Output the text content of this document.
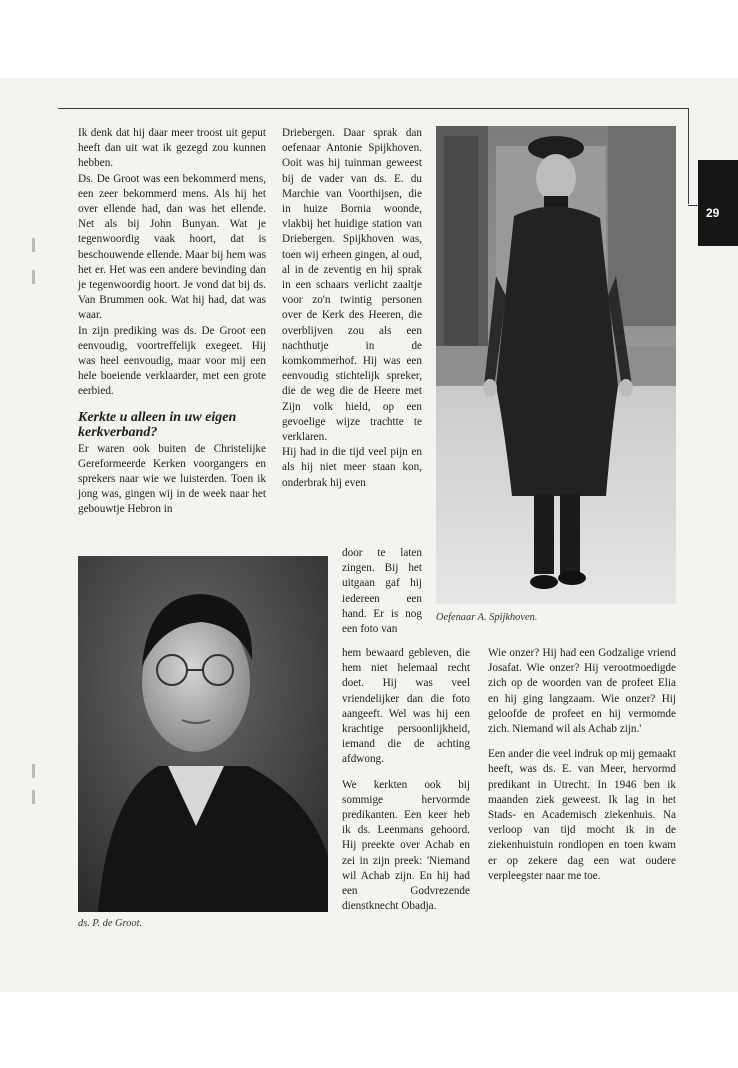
29

Ik denk dat hij daar meer troost uit geput heeft dan uit wat ik gezegd zou kunnen hebben.

Ds. De Groot was een bekommerd mens, een zeer bekommerd mens. Als hij het over ellende had, dan was het ellende. Net als bij John Bunyan. Wat je tegenwoordig vaak hoort, dat is beschouwende ellende. Maar bij hem was het er. Het was een andere bevinding dan je tegenwoordig hoort. Je vond dat bij ds. Van Brummen ook. Wat hij had, dat was waar.

In zijn prediking was ds. De Groot een eenvoudig, voortreffelijk exegeet. Hij was heel eenvoudig, maar voor mij een hele boeiende verklaarder, met een grote eerbied.

Kerkte u alleen in uw eigen
kerkverband?

Er waren ook buiten de Christelijke Gereformeerde Kerken voorgangers en sprekers naar wie we luisterden. Toen ik jong was, gingen wij in de week naar het gebouwtje Hebron in

Driebergen. Daar sprak dan oefenaar Antonie Spijkhoven. Ooit was hij tuinman geweest bij de vader van ds. E. du Marchie van Voorthijsen, die in huize Bornia woonde, vlakbij het huidige station van Driebergen. Spijkhoven was, toen wij erheen gingen, al oud, al in de zeventig en hij sprak in een schaars verlicht zaaltje voor zo'n twintig personen over de Kerk des Heeren, die overblijven zou als een nachthutje in de komkommerhof. Hij was een eenvoudig stichtelijk spreker, die de weg die de Heere met Zijn volk hield, op een gevoelige wijze trachtte te verklaren.

Hij had in die tijd veel pijn en als hij niet meer staan kon, onderbrak hij even

door te laten zingen. Bij het uitgaan gaf hij iedereen een hand. Er is nog een foto van

hem bewaard gebleven, die hem niet helemaal recht doet. Hij was veel vriendelijker dan die foto aangeeft. Wel was hij een krachtige persoonlijkheid, iemand die de achting afdwong.

We kerkten ook bij sommige hervormde predikanten. Een keer heb ik ds. Leenmans gehoord. Hij preekte over Achab en zei in zijn preek: 'Niemand wil Achab zijn. En hij had een Godvrezende dienstknecht Obadja.

Wie onzer? Hij had een Godzalige vriend Josafat. Wie onzer? Hij verootmoedigde zich op de woorden van de profeet Elia en hij ging langzaam. Wie onzer? Hij geloofde de profeet en hij vermomde zich. Niemand wil als Achab zijn.'

Een ander die veel indruk op mij gemaakt heeft, was ds. E. van Meer, hervormd predikant in Utrecht. In 1946 ben ik maanden ziek geweest. Ik lag in het Stads- en Academisch ziekenhuis. Na verloop van tijd mocht ik in de ziekenhuistuin rondlopen en toen kwam er op zekere dag een wat oudere verpleegster naar me toe.

Oefenaar A. Spijkhoven.
ds. P. de Groot.
